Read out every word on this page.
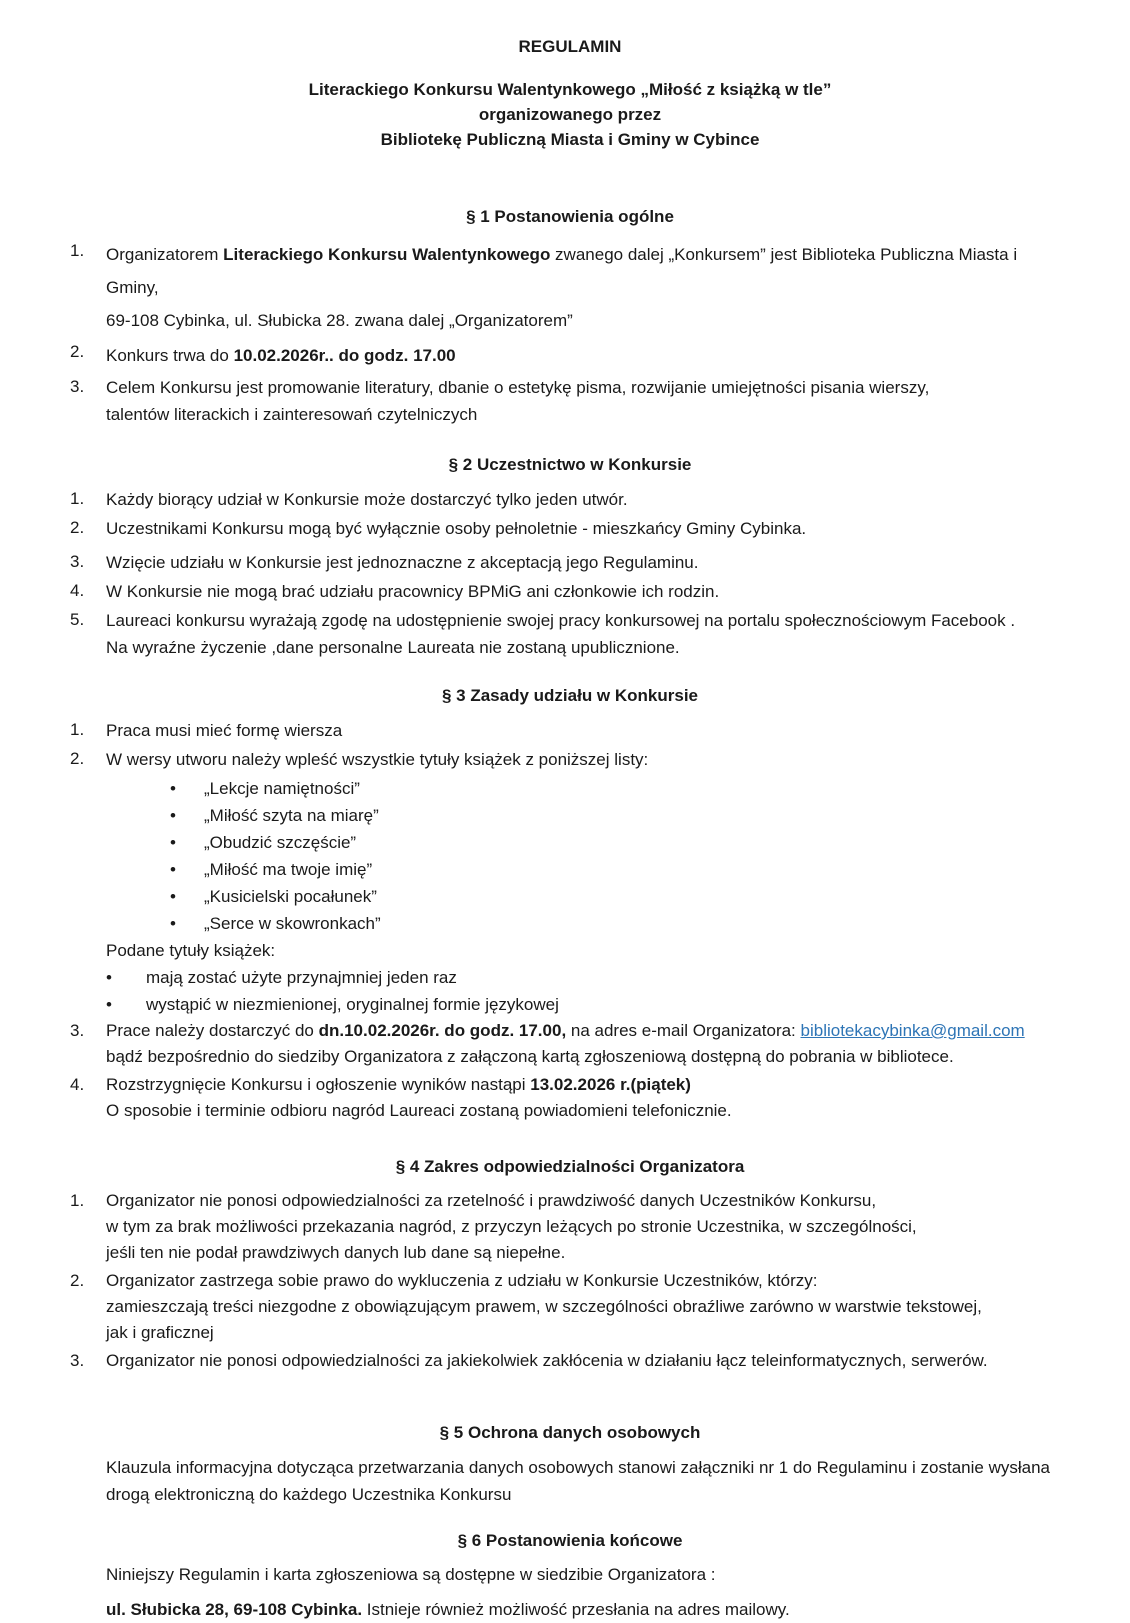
REGULAMIN
Literackiego Konkursu Walentynkowego „Miłość z książką w tle”
organizowanego przez
Bibliotekę Publiczną Miasta i Gminy w Cybince
§ 1 Postanowienia ogólne
1.	Organizatorem Literackiego Konkursu Walentynkowego zwanego dalej „Konkursem” jest Biblioteka Publiczna Miasta i Gminy,
69-108 Cybinka, ul. Słubicka 28. zwana dalej „Organizatorem”
2.	Konkurs trwa do 10.02.2026r.. do godz. 17.00
3.	Celem Konkursu jest promowanie literatury, dbanie o estetykę pisma, rozwijanie umiejętności pisania wierszy,
talentów literackich i zainteresowań czytelniczych
§ 2 Uczestnictwo w Konkursie
1.	Każdy biorący udział w Konkursie może dostarczyć tylko jeden utwór.
2.	Uczestnikami Konkursu mogą być wyłącznie osoby pełnoletnie - mieszkańcy Gminy Cybinka.
3.	Wzięcie udziału w Konkursie jest jednoznaczne z akceptacją jego Regulaminu.
4.	W Konkursie nie mogą brać udziału pracownicy BPMiG ani członkowie ich rodzin.
5.	Laureaci konkursu wyrażają zgodę na udostępnienie swojej pracy konkursowej na portalu społecznościowym Facebook .
Na wyraźne życzenie ,dane personalne Laureata nie zostaną upublicznione.
§ 3 Zasady udziału w Konkursie
1.	Praca musi mieć formę wiersza
2.	W wersy utworu należy wpleść wszystkie tytuły książek z poniższej listy:
•	„Lekcje namiętności”
•	„Miłość szyta na miarę”
•	„Obudzić szczęście”
•	„Miłość ma twoje imię”
•	„Kusicielski pocałunek”
•	„Serce w skowronkach”
Podane tytuły książek:
•	mają zostać użyte przynajmniej jeden raz
•	wystąpić w niezmienionej, oryginalnej formie językowej
3.	Prace należy dostarczyć do dn.10.02.2026r. do godz. 17.00, na adres e-mail Organizatora: bibliotekacybinka@gmail.com
bądź bezpośrednio do siedziby Organizatora z załączoną kartą zgłoszeniową dostępną do pobrania w bibliotece.
4.	Rozstrzygnięcie Konkursu i ogłoszenie wyników nastąpi 13.02.2026 r.(piątek)
O sposobie i terminie odbioru nagród Laureaci zostaną powiadomieni telefonicznie.
§ 4 Zakres odpowiedzialności Organizatora
1.	Organizator nie ponosi odpowiedzialności za rzetelność i prawdziwość danych Uczestników Konkursu,
w tym za brak możliwości przekazania nagród, z przyczyn leżących po stronie Uczestnika, w szczególności,
jeśli ten nie podał prawdziwych danych lub dane są niepełne.
2.	Organizator zastrzega sobie prawo do wykluczenia z udziału w Konkursie Uczestników, którzy:
zamieszczają treści niezgodne z obowiązującym prawem, w szczególności obraźliwe zarówno w warstwie tekstowej,
jak i graficznej
3.	Organizator nie ponosi odpowiedzialności za jakiekolwiek zakłócenia w działaniu łącz teleinformatycznych, serwerów.
§ 5 Ochrona danych osobowych
Klauzula informacyjna dotycząca przetwarzania danych osobowych stanowi załączniki nr 1 do Regulaminu i zostanie wysłana
drogą elektroniczną do każdego Uczestnika Konkursu
§ 6 Postanowienia końcowe
Niniejszy Regulamin i karta zgłoszeniowa są dostępne w siedzibie Organizatora :
ul. Słubicka 28, 69-108 Cybinka. Istnieje również możliwość przesłania na adres mailowy.
